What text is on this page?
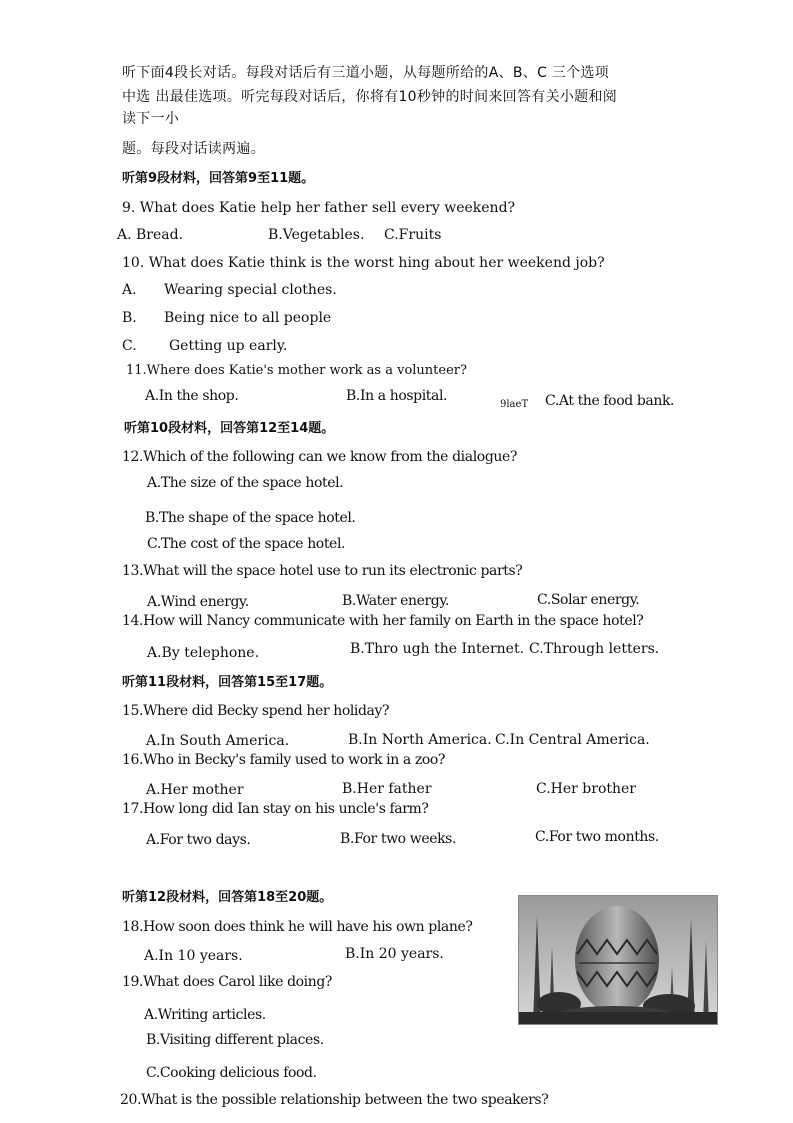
听下面4段长对话。每段对话后有三道小题，从每题所给的A、B、C 三个选项
中选 出最佳选项。听完每段对话后，你将有10秒钟的时间来回答有关小题和阅
读下一小
题。每段对话读两遍。
听第9段材料，回答第9至11题。
9. What does Katie help her father sell every weekend?
A. Bread.	B.Vegetables. C.Fruits
10. What does Katie think is the worst hing about her weekend job?
A. Wearing special clothes.
B. Being nice to all people
C. Getting up early.
11.Where does Katie's mother work as a volunteer?
A.In the shop.	B.In a hospital.
9laeT C.At the food bank.
听第10段材料，回答第12至14题。
12.Which of the following can we know from the dialogue?
A.The size of the space hotel.
B.The shape of the space hotel.
C.The cost of the space hotel.
13.What will the space hotel use to run its electronic parts?
A.Wind energy.	B.Water energy.	C.Solar energy.
14.How will Nancy communicate with her family on Earth in the space hotel?
A.By telephone.	B.Thro ugh the Internet. C.Through letters.
听第11段材料，回答第15至17题。
15.Where did Becky spend her holiday?
A.In South America.	B.In North America. C.In Central America.
16.Who in Becky's family used to work in a zoo?
A.Her mother	B.Her father	C.Her brother
17.How long did Ian stay on his uncle's farm?
A.For two days.	B.For two weeks.	C.For two months.
听第12段材料，回答第18至20题。
18.How soon does think he will have his own plane?
A.In 10 years.	B.In 20 years.
19.What does Carol like doing?
A.Writing articles.
B.Visiting different places.
C.Cooking delicious food.
20.What is the possible relationship between the two speakers?
